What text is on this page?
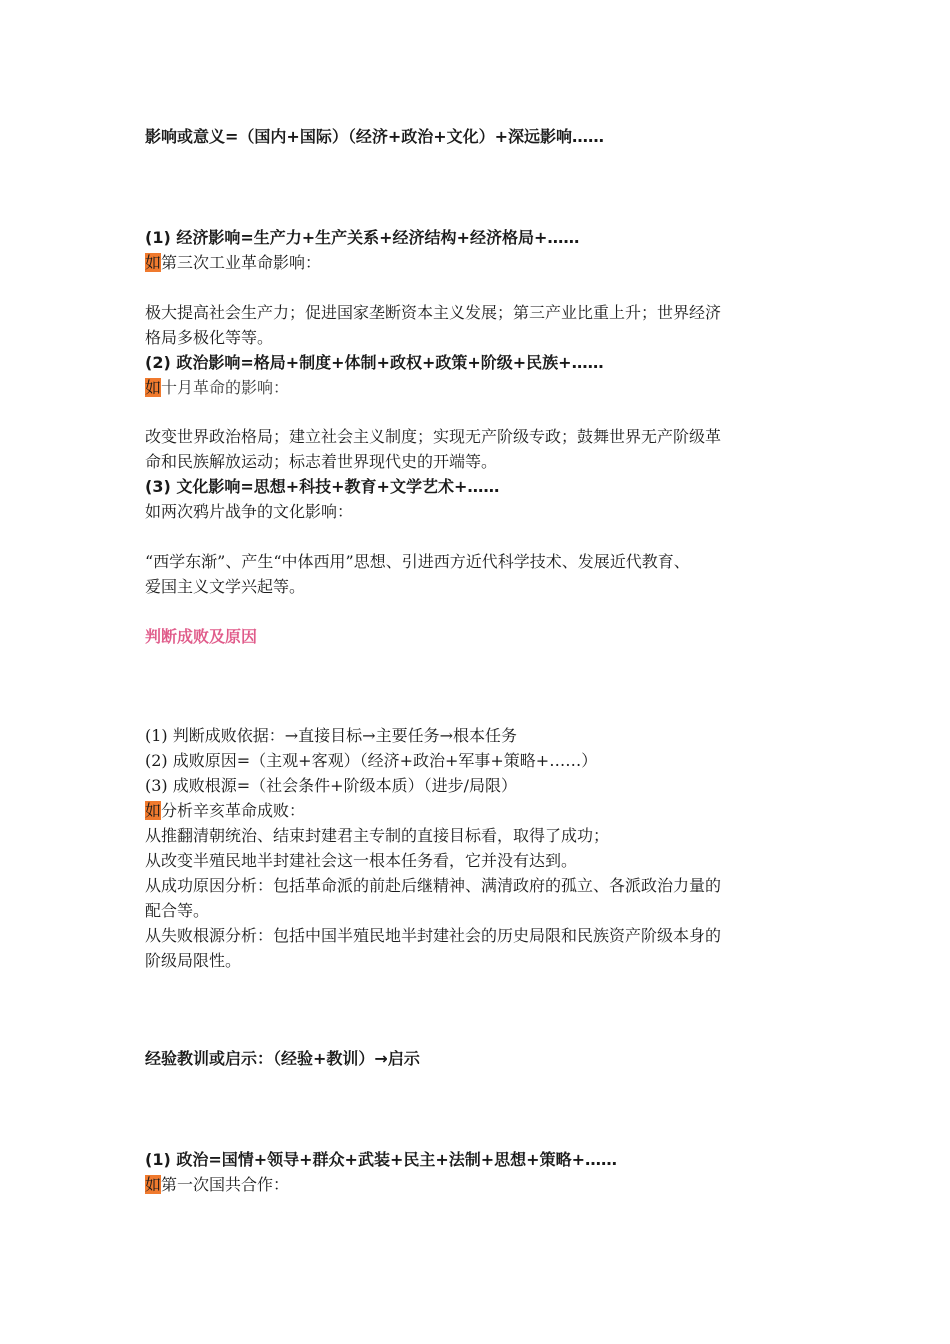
影响或意义=（国内+国际）（经济+政治+文化）+深远影响……
(1) 经济影响=生产力+生产关系+经济结构+经济格局+……
如第三次工业革命影响：
极大提高社会生产力；促进国家垄断资本主义发展；第三产业比重上升；世界经济
格局多极化等等。
(2) 政治影响=格局+制度+体制+政权+政策+阶级+民族+……
如十月革命的影响：
改变世界政治格局；建立社会主义制度；实现无产阶级专政；鼓舞世界无产阶级革
命和民族解放运动；标志着世界现代史的开端等。
(3) 文化影响=思想+科技+教育+文学艺术+……
如两次鸦片战争的文化影响：
“西学东渐”、产生“中体西用”思想、引进西方近代科学技术、发展近代教育、
爱国主义文学兴起等。
判断成败及原因
(1) 判断成败依据：→直接目标→主要任务→根本任务
(2) 成败原因=（主观+客观）（经济+政治+军事+策略+……）
(3) 成败根源=（社会条件+阶级本质）（进步/局限）
如分析辛亥革命成败：
从推翻清朝统治、结束封建君主专制的直接目标看，取得了成功；
从改变半殖民地半封建社会这一根本任务看，它并没有达到。
从成功原因分析：包括革命派的前赴后继精神、满清政府的孤立、各派政治力量的
配合等。
从失败根源分析：包括中国半殖民地半封建社会的历史局限和民族资产阶级本身的
阶级局限性。
经验教训或启示：（经验+教训）→启示
(1) 政治=国情+领导+群众+武装+民主+法制+思想+策略+……
如第一次国共合作：
